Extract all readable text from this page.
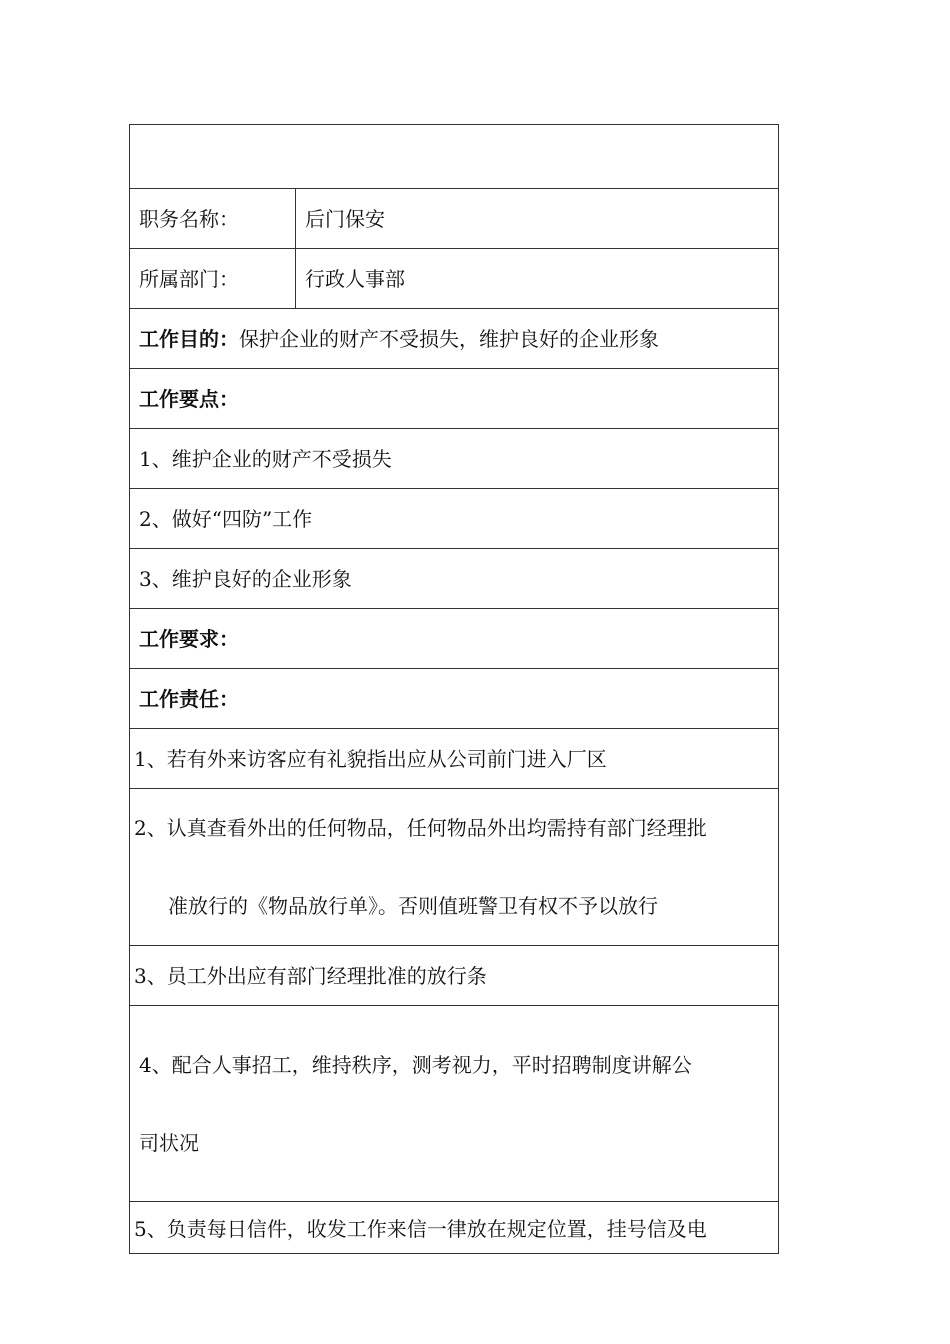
职务名称：	后门保安
所属部门：	行政人事部
工作目的：保护企业的财产不受损失，维护良好的企业形象	
工作要点：	
1、维护企业的财产不受损失	
2、做好“四防”工作	
3、维护良好的企业形象	
工作要求：	
工作责任：	
1、若有外来访客应有礼貌指出应从公司前门进入厂区	

2、认真查看外出的任何物品，任何物品外出均需持有部门经理批
准放行的《物品放行单》。否则值班警卫有权不予以放行	

3、员工外出应有部门经理批准的放行条	

4、配合人事招工，维持秩序，测考视力，平时招聘制度讲解公
司状况	

5、负责每日信件，收发工作来信一律放在规定位置，挂号信及电	
